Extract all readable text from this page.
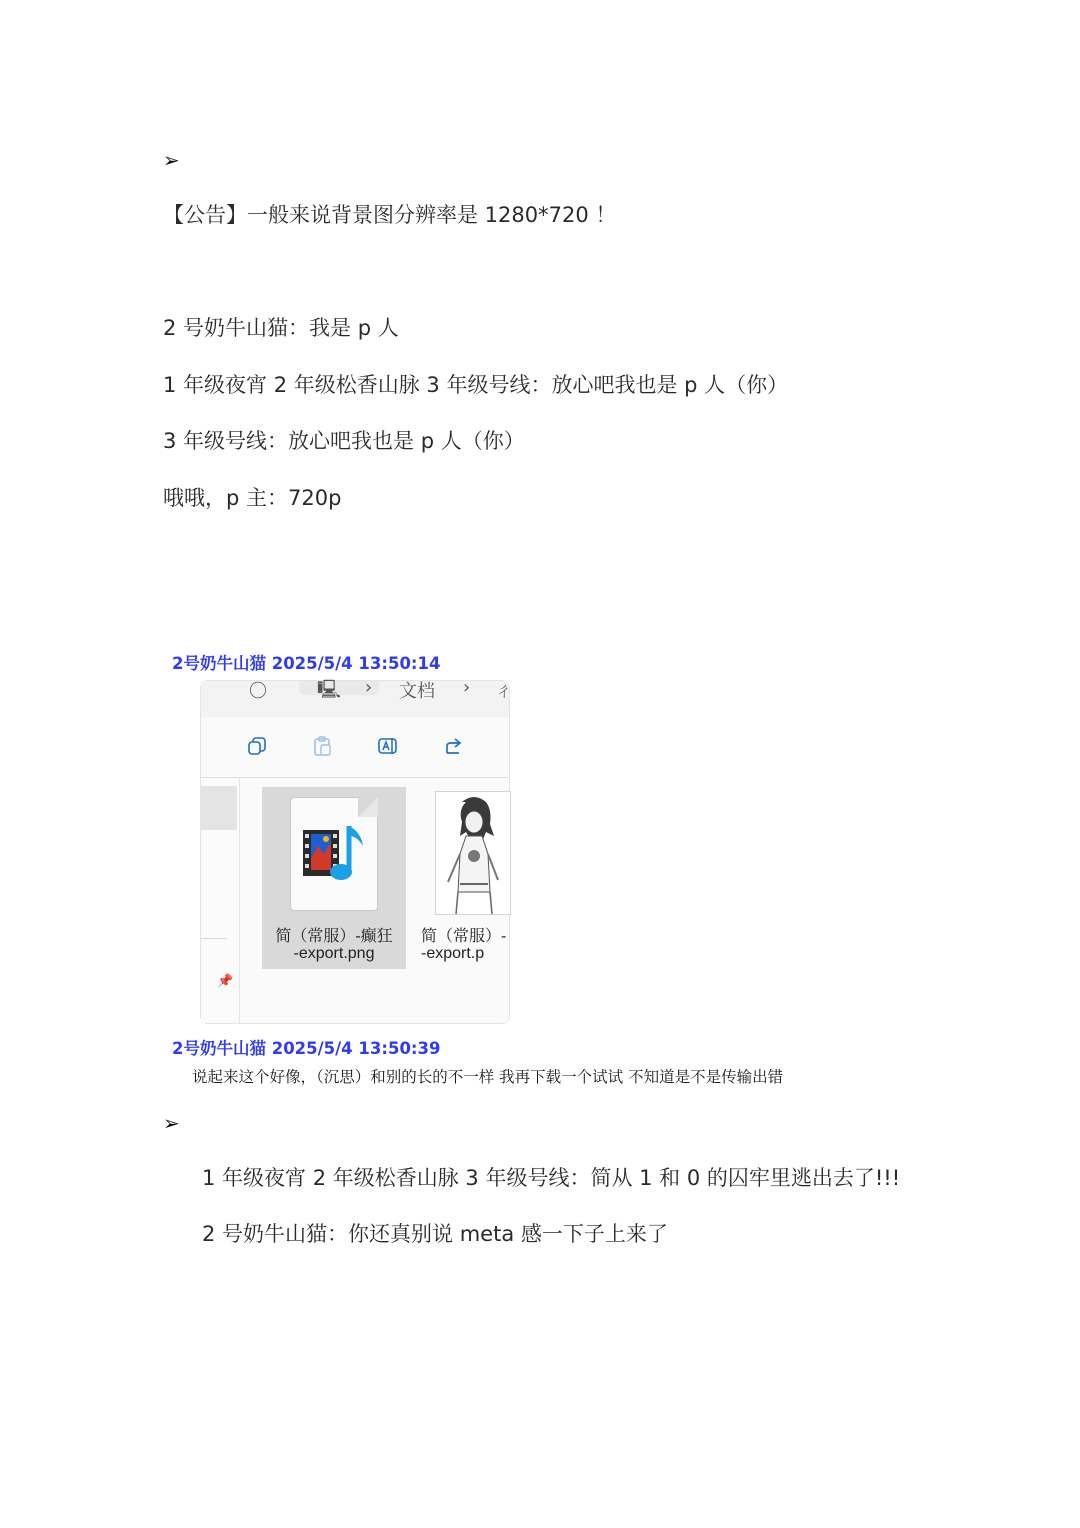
➢
【公告】一般来说背景图分辨率是 1280*720 ！
2 号奶牛山猫：我是 p 人
1 年级夜宵 2 年级松香山脉 3 年级号线：放心吧我也是 p 人（你）
3 年级号线：放心吧我也是 p 人（你）
哦哦，p 主：720p
2号奶牛山猫 2025/5/4 13:50:14
〇	🖳 › 文档 › ㄔ
📌
简（常服）-癫狂
-export.png
简（常服）-
-export.p
2号奶牛山猫 2025/5/4 13:50:39
说起来这个好像，（沉思）和别的长的不一样 我再下载一个试试 不知道是不是传输出错
➢
1 年级夜宵 2 年级松香山脉 3 年级号线：简从 1 和 0 的囚牢里逃出去了!!!
2 号奶牛山猫：你还真别说 meta 感一下子上来了
